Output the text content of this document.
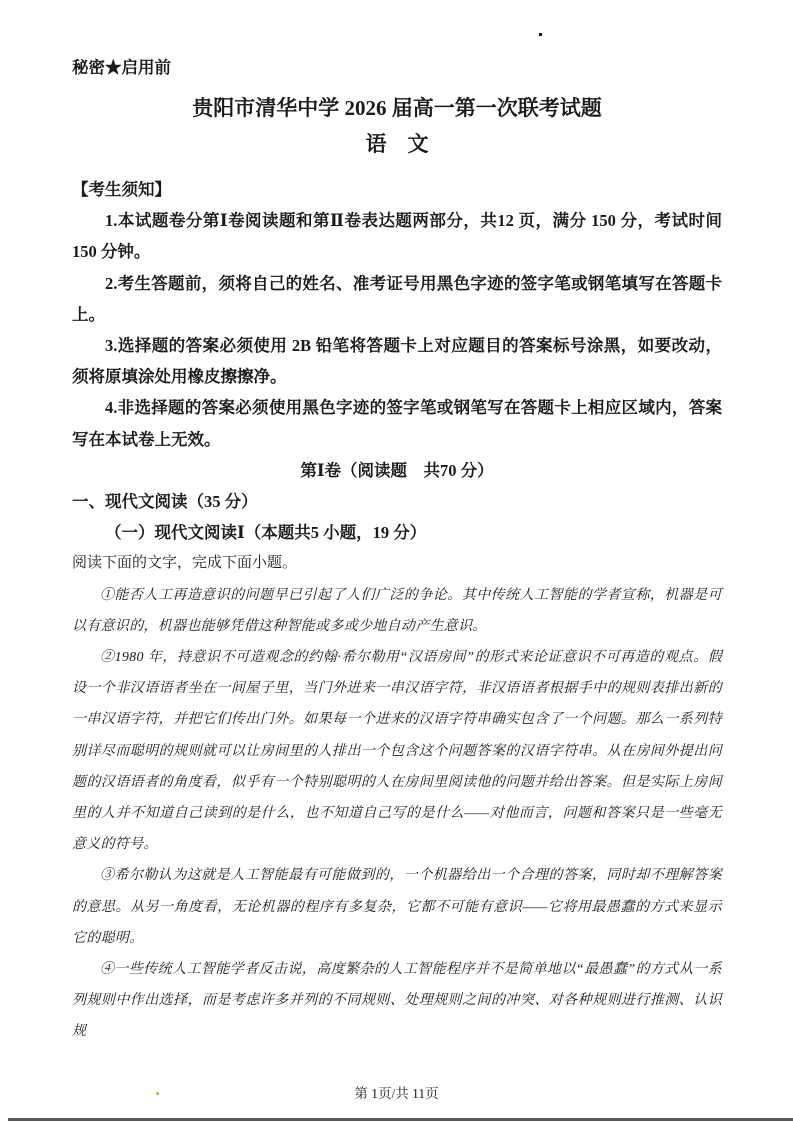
秘密★启用前

贵阳市清华中学 2026 届高一第一次联考试题
语　文

【考生须知】

1.本试题卷分第Ⅰ卷阅读题和第Ⅱ卷表达题两部分，共12 页，满分 150 分，考试时间 150 分钟。

2.考生答题前，须将自己的姓名、准考证号用黑色字迹的签字笔或钢笔填写在答题卡上。

3.选择题的答案必须使用 2B 铅笔将答题卡上对应题目的答案标号涂黑，如要改动，须将原填涂处用橡皮擦擦净。

4.非选择题的答案必须使用黑色字迹的签字笔或钢笔写在答题卡上相应区域内，答案写在本试卷上无效。

第Ⅰ卷（阅读题　共70 分）

一、现代文阅读（35 分）

（一）现代文阅读Ⅰ（本题共5 小题，19 分）

阅读下面的文字，完成下面小题。

①能否人工再造意识的问题早已引起了人们广泛的争论。其中传统人工智能的学者宣称，机器是可以有意识的，机器也能够凭借这种智能或多或少地自动产生意识。

②1980 年，持意识不可造观念的约翰·希尔勒用“汉语房间”的形式来论证意识不可再造的观点。假设一个非汉语语者坐在一间屋子里，当门外进来一串汉语字符，非汉语语者根据手中的规则表排出新的一串汉语字符，并把它们传出门外。如果每一个进来的汉语字符串确实包含了一个问题。那么一系列特别详尽而聪明的规则就可以让房间里的人排出一个包含这个问题答案的汉语字符串。从在房间外提出问题的汉语语者的角度看，似乎有一个特别聪明的人在房间里阅读他的问题并给出答案。但是实际上房间里的人并不知道自己读到的是什么，也不知道自己写的是什么——对他而言，问题和答案只是一些毫无意义的符号。

③希尔勒认为这就是人工智能最有可能做到的，一个机器给出一个合理的答案，同时却不理解答案的意思。从另一角度看，无论机器的程序有多复杂，它都不可能有意识——它将用最愚蠢的方式来显示它的聪明。

④一些传统人工智能学者反击说，高度繁杂的人工智能程序并不是简单地以“最愚蠢”的方式从一系列规则中作出选择，而是考虑许多并列的不同规则、处理规则之间的冲突、对各种规则进行推测、认识规

第 1页/共 11页
